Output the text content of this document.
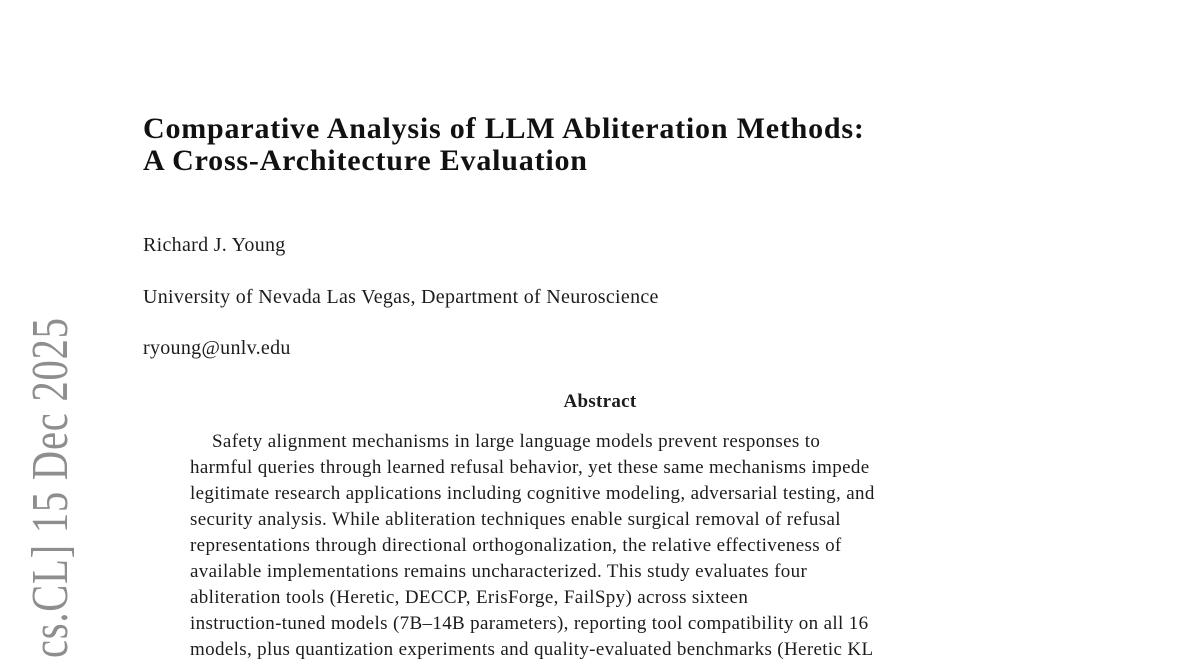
cs.CL] 15 Dec 2025
Comparative Analysis of LLM Abliteration Methods:
A Cross-Architecture Evaluation
Richard J. Young
University of Nevada Las Vegas, Department of Neuroscience
ryoung@unlv.edu
Abstract
Safety alignment mechanisms in large language models prevent responses to
harmful queries through learned refusal behavior, yet these same mechanisms impede
legitimate research applications including cognitive modeling, adversarial testing, and
security analysis. While abliteration techniques enable surgical removal of refusal
representations through directional orthogonalization, the relative effectiveness of
available implementations remains uncharacterized. This study evaluates four
abliteration tools (Heretic, DECCP, ErisForge, FailSpy) across sixteen
instruction-tuned models (7B–14B parameters), reporting tool compatibility on all 16
models, plus quantization experiments and quality-evaluated benchmarks (Heretic KL
